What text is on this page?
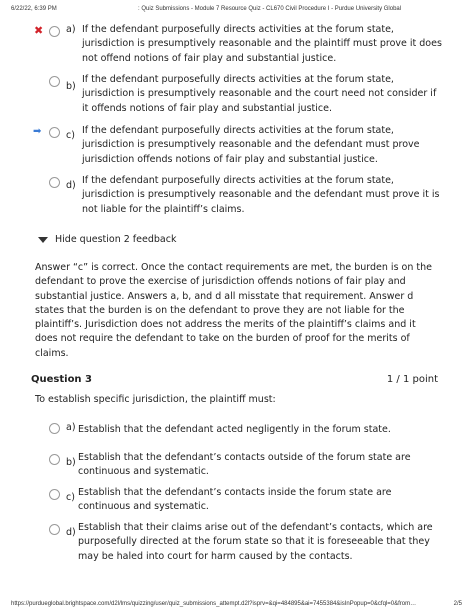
6/22/22, 6:39 PM	: Quiz Submissions - Module 7 Resource Quiz - CL670 Civil Procedure I - Purdue University Global
✖ a) If the defendant purposefully directs activities at the forum state, jurisdiction is presumptively reasonable and the plaintiff must prove it does not offend notions of fair play and substantial justice.
b)
If the defendant purposefully directs activities at the forum state, jurisdiction is presumptively reasonable and the court need not consider if it offends notions of fair play and substantial justice.
➡	c) If the defendant purposefully directs activities at the forum state, jurisdiction is presumptively reasonable and the defendant must prove jurisdiction offends notions of fair play and substantial justice.
d) If the defendant purposefully directs activities at the forum state, jurisdiction is presumptively reasonable and the defendant must prove it is not liable for the plaintiff’s claims.
Hide question 2 feedback
Answer “c” is correct. Once the contact requirements are met, the burden is on the defendant to prove the exercise of jurisdiction offends notions of fair play and substantial justice. Answers a, b, and d all misstate that requirement. Answer d states that the burden is on the defendant to prove they are not liable for the plaintiff’s. Jurisdiction does not address the merits of the plaintiff’s claims and it does not require the defendant to take on the burden of proof for the merits of claims.
Question 3	1 / 1 point
To establish specific jurisdiction, the plaintiff must:
a) Establish that the defendant acted negligently in the forum state.
b) Establish that the defendant’s contacts outside of the forum state are continuous and systematic.
c) Establish that the defendant’s contacts inside the forum state are continuous and systematic.
d) Establish that their claims arise out of the defendant’s contacts, which are purposefully directed at the forum state so that it is foreseeable that they may be haled into court for harm caused by the contacts.
https://purdueglobal.brightspace.com/d2l/lms/quizzing/user/quiz_submissions_attempt.d2l?isprv=&qi=484895&ai=7455384&isInPopup=0&cfql=0&from…	2/5
